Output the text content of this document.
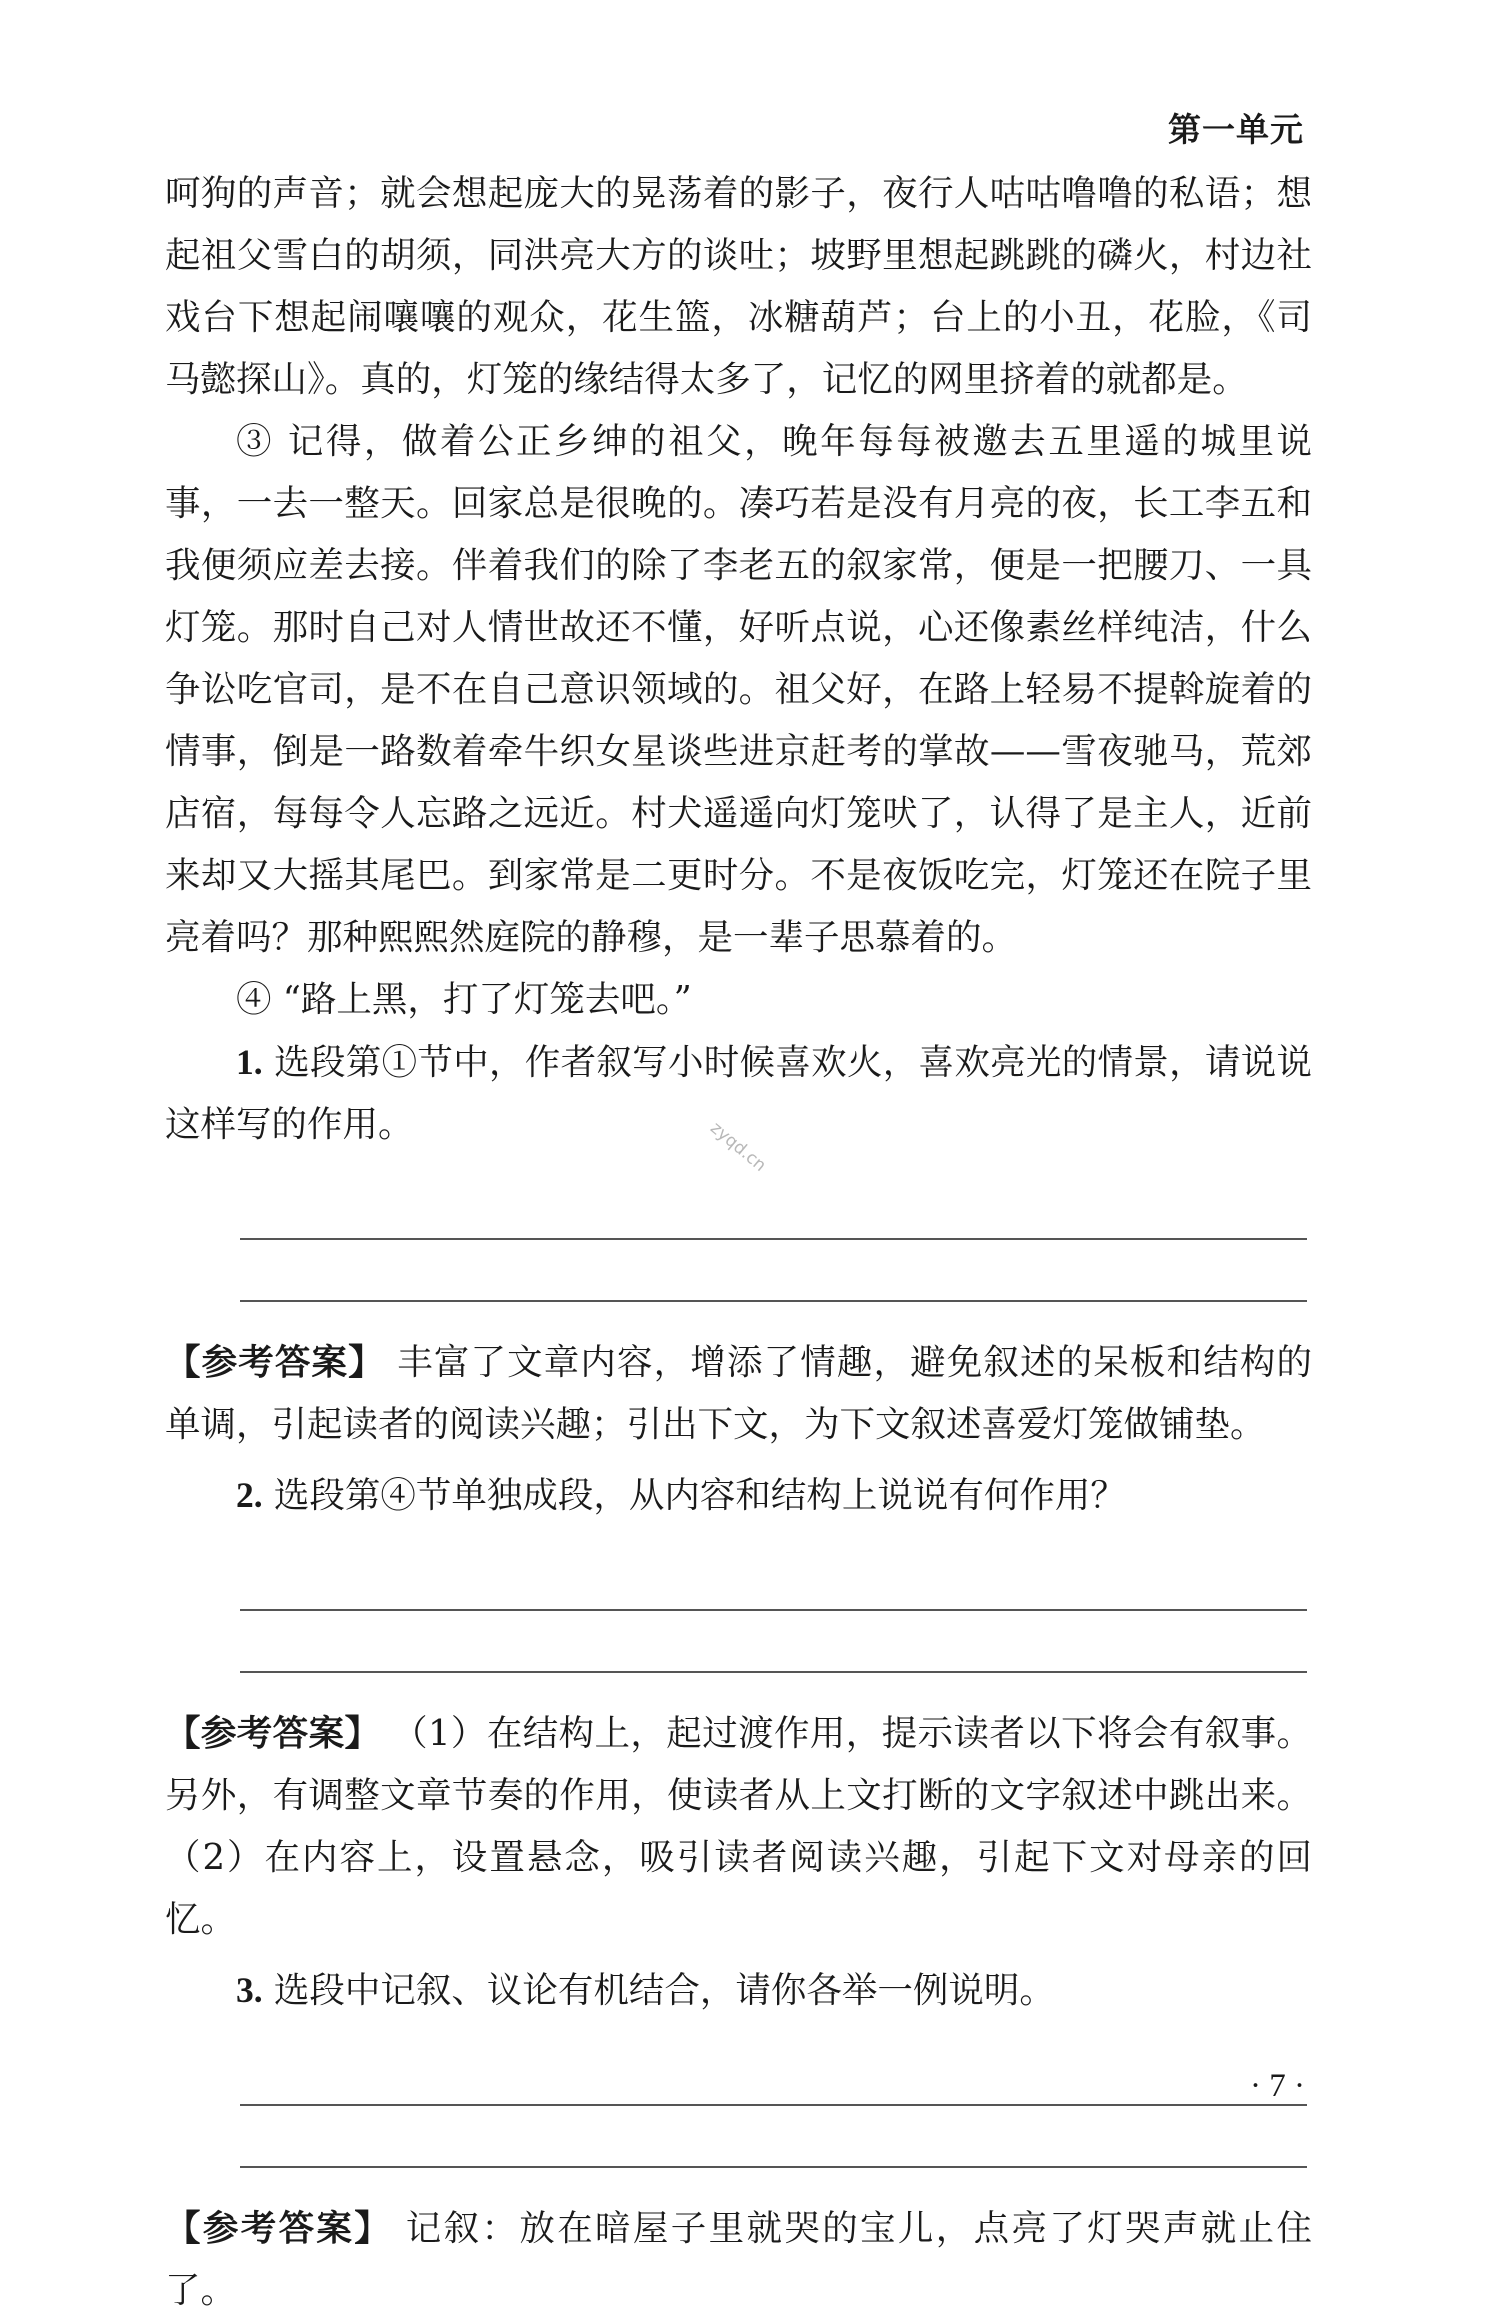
第一单元
zyqd.cn

呵狗的声音；就会想起庞大的晃荡着的影子，夜行人咕咕噜噜的私语；想起祖父雪白的胡须，同洪亮大方的谈吐；坡野里想起跳跳的磷火，村边社戏台下想起闹嚷嚷的观众，花生篮，冰糖葫芦；台上的小丑，花脸，《司马懿探山》。真的，灯笼的缘结得太多了，记忆的网里挤着的就都是。

③ 记得，做着公正乡绅的祖父，晚年每每被邀去五里遥的城里说事，一去一整天。回家总是很晚的。凑巧若是没有月亮的夜，长工李五和我便须应差去接。伴着我们的除了李老五的叙家常，便是一把腰刀、一具灯笼。那时自己对人情世故还不懂，好听点说，心还像素丝样纯洁，什么争讼吃官司，是不在自己意识领域的。祖父好，在路上轻易不提斡旋着的情事，倒是一路数着牵牛织女星谈些进京赶考的掌故——雪夜驰马，荒郊店宿，每每令人忘路之远近。村犬遥遥向灯笼吠了，认得了是主人，近前来却又大摇其尾巴。到家常是二更时分。不是夜饭吃完，灯笼还在院子里亮着吗？那种熙熙然庭院的静穆，是一辈子思慕着的。

④ “路上黑，打了灯笼去吧。”

1. 选段第①节中，作者叙写小时候喜欢火，喜欢亮光的情景，请说说这样写的作用。

【参考答案】 丰富了文章内容，增添了情趣，避免叙述的呆板和结构的单调，引起读者的阅读兴趣；引出下文，为下文叙述喜爱灯笼做铺垫。

2. 选段第④节单独成段，从内容和结构上说说有何作用？

【参考答案】 （1）在结构上，起过渡作用，提示读者以下将会有叙事。另外，有调整文章节奏的作用，使读者从上文打断的文字叙述中跳出来。（2）在内容上，设置悬念，吸引读者阅读兴趣，引起下文对母亲的回忆。

3. 选段中记叙、议论有机结合，请你各举一例说明。

【参考答案】 记叙：放在暗屋子里就哭的宝儿，点亮了灯哭声就止住了。

· 7 ·
